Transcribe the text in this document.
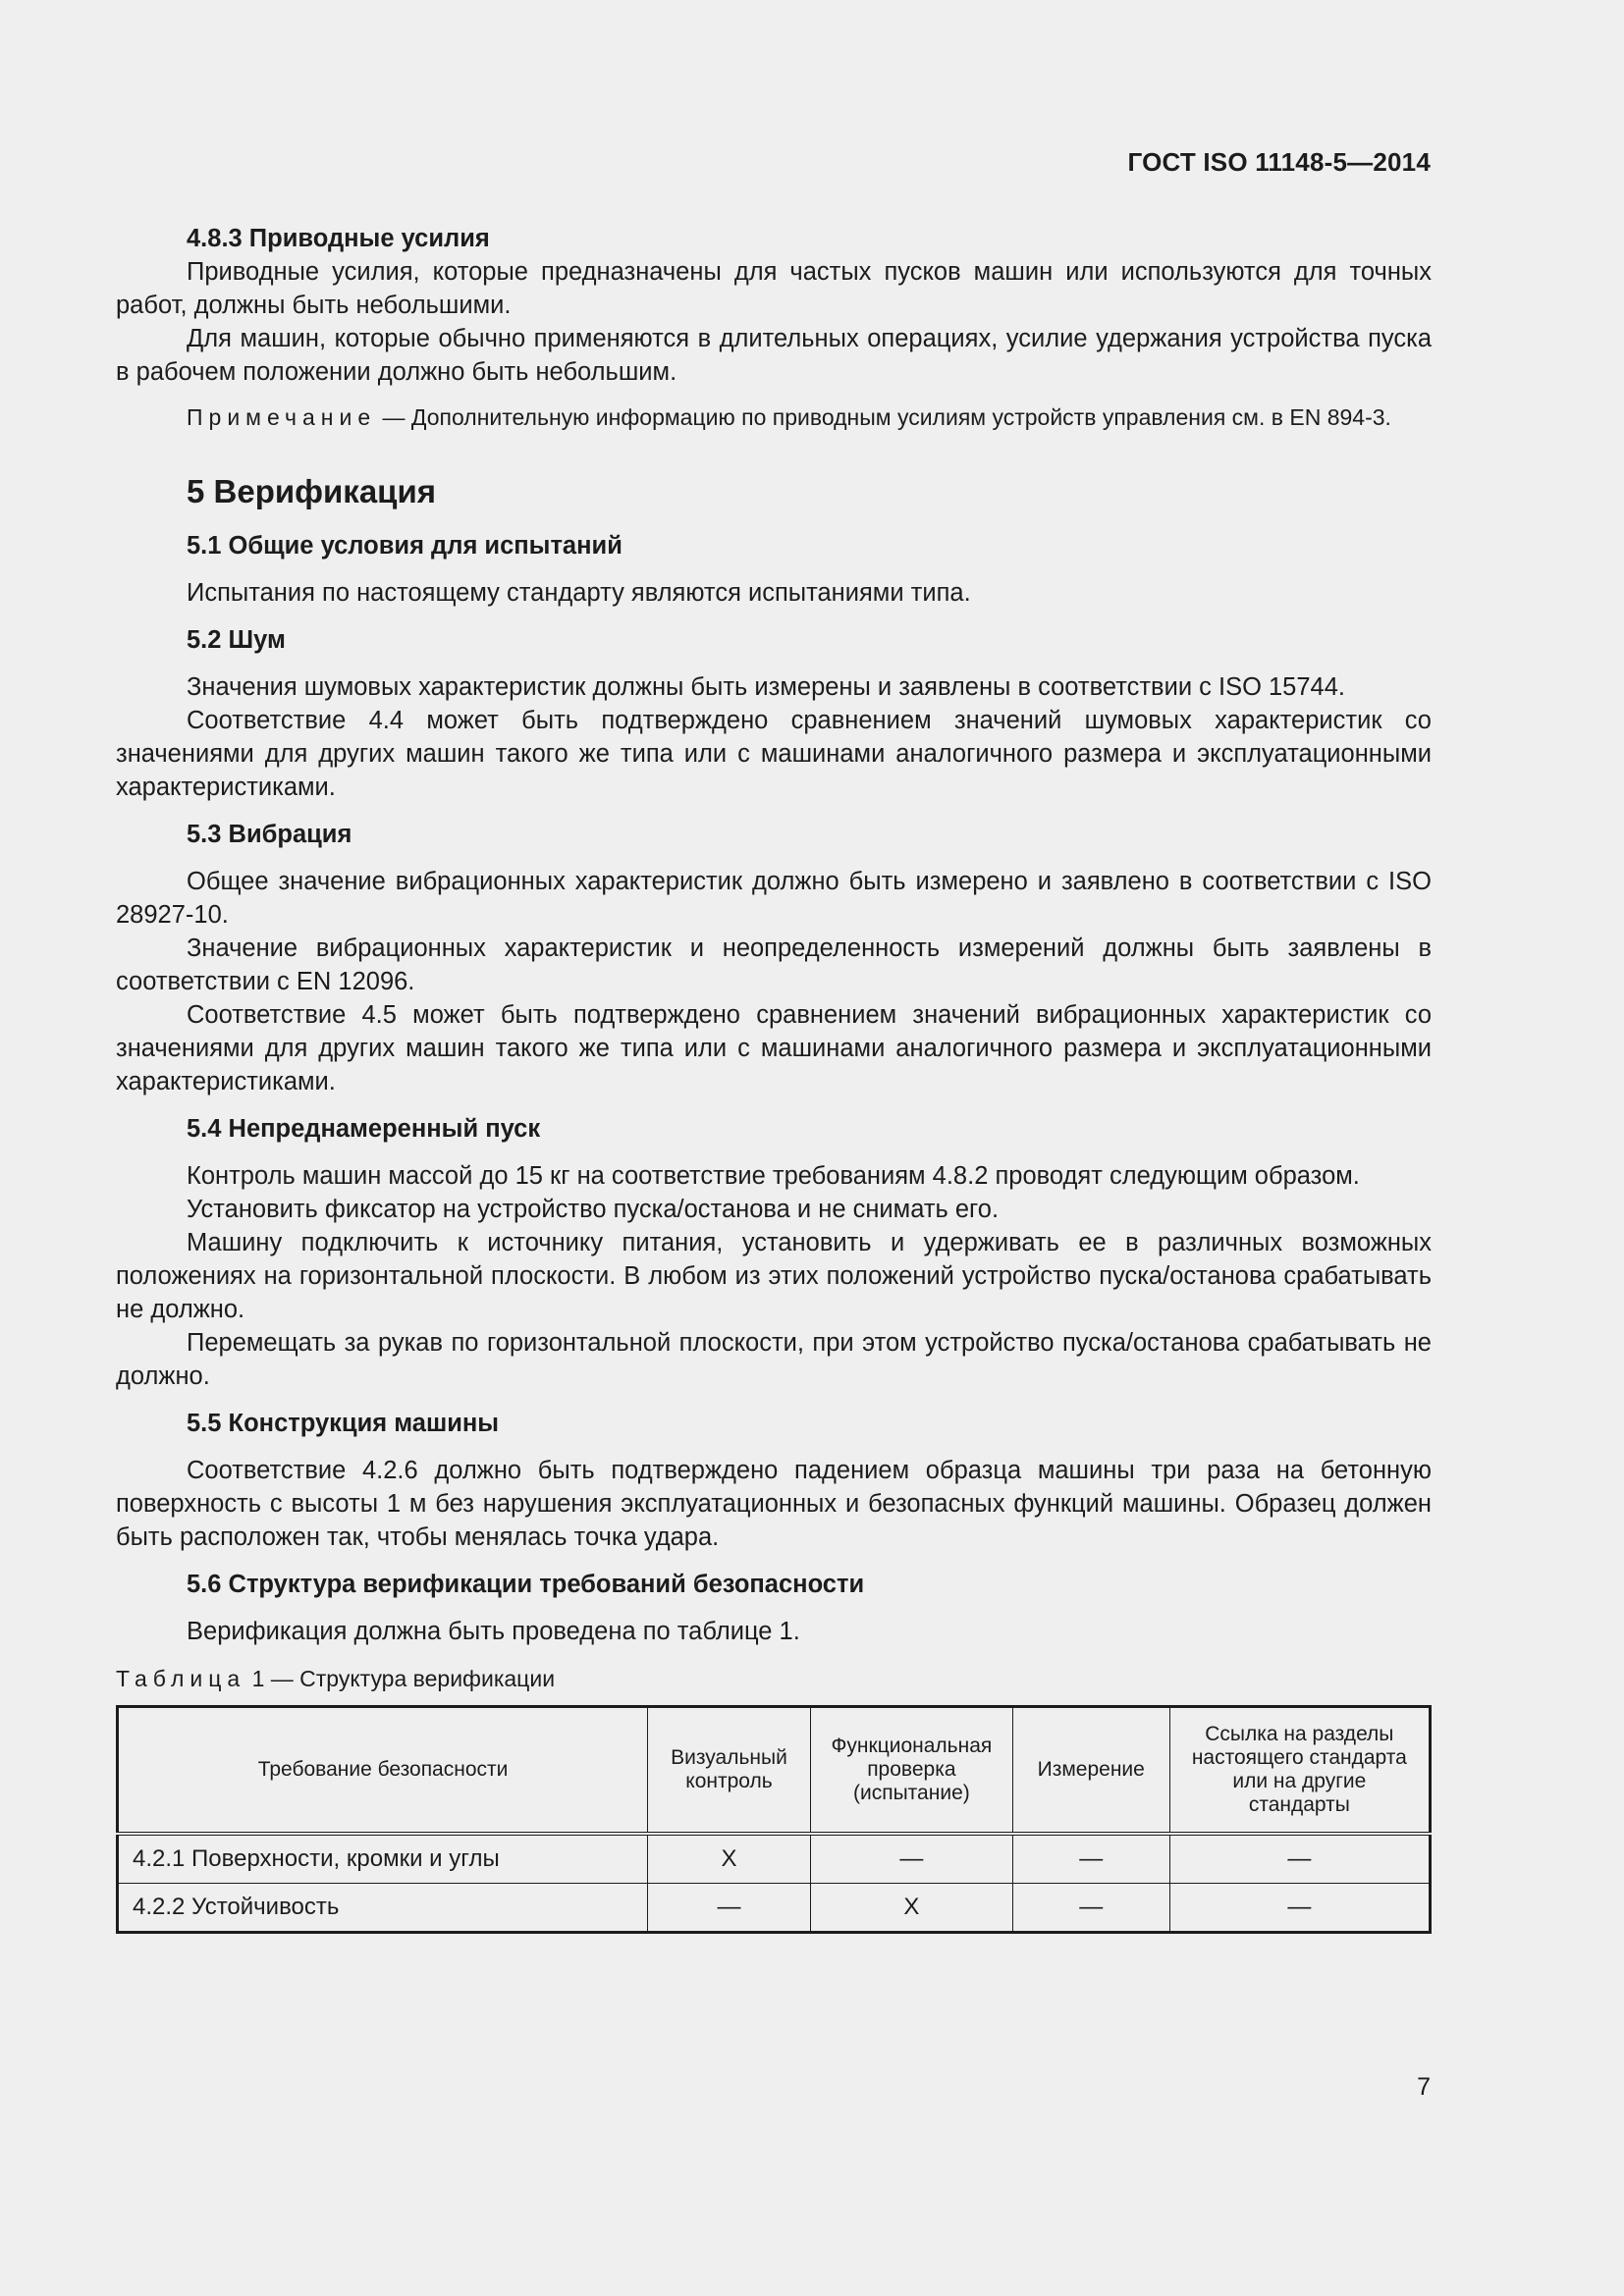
ГОСТ ISO 11148-5—2014
4.8.3 Приводные усилия

Приводные усилия, которые предназначены для частых пусков машин или используются для точных работ, должны быть небольшими.

Для машин, которые обычно применяются в длительных операциях, усилие удержания устройства пуска в рабочем положении должно быть небольшим.

Примечание — Дополнительную информацию по приводным усилиям устройств управления см. в EN 894-3.
5 Верификация
5.1 Общие условия для испытаний

Испытания по настоящему стандарту являются испытаниями типа.

5.2 Шум

Значения шумовых характеристик должны быть измерены и заявлены в соответствии с ISO 15744.

Соответствие 4.4 может быть подтверждено сравнением значений шумовых характеристик со значениями для других машин такого же типа или с машинами аналогичного размера и эксплуатационными характеристиками.

5.3 Вибрация

Общее значение вибрационных характеристик должно быть измерено и заявлено в соответствии с ISO 28927-10.

Значение вибрационных характеристик и неопределенность измерений должны быть заявлены в соответствии с EN 12096.

Соответствие 4.5 может быть подтверждено сравнением значений вибрационных характеристик со значениями для других машин такого же типа или с машинами аналогичного размера и эксплуатационными характеристиками.

5.4 Непреднамеренный пуск

Контроль машин массой до 15 кг на соответствие требованиям 4.8.2 проводят следующим образом.

Установить фиксатор на устройство пуска/останова и не снимать его.

Машину подключить к источнику питания, установить и удерживать ее в различных возможных положениях на горизонтальной плоскости. В любом из этих положений устройство пуска/останова срабатывать не должно.

Перемещать за рукав по горизонтальной плоскости, при этом устройство пуска/останова срабатывать не должно.

5.5 Конструкция машины

Соответствие 4.2.6 должно быть подтверждено падением образца машины три раза на бетонную поверхность с высоты 1 м без нарушения эксплуатационных и безопасных функций машины. Образец должен быть расположен так, чтобы менялась точка удара.

5.6 Структура верификации требований безопасности

Верификация должна быть проведена по таблице 1.

Таблица 1 — Структура верификации
Требование безопасности	Визуальный контроль	Функциональная проверка (испытание)	Измерение	Ссылка на разделы настоящего стандарта или на другие стандарты
4.2.1 Поверхности, кромки и углы	X	—	—	—
4.2.2 Устойчивость	—	X	—	—
7
